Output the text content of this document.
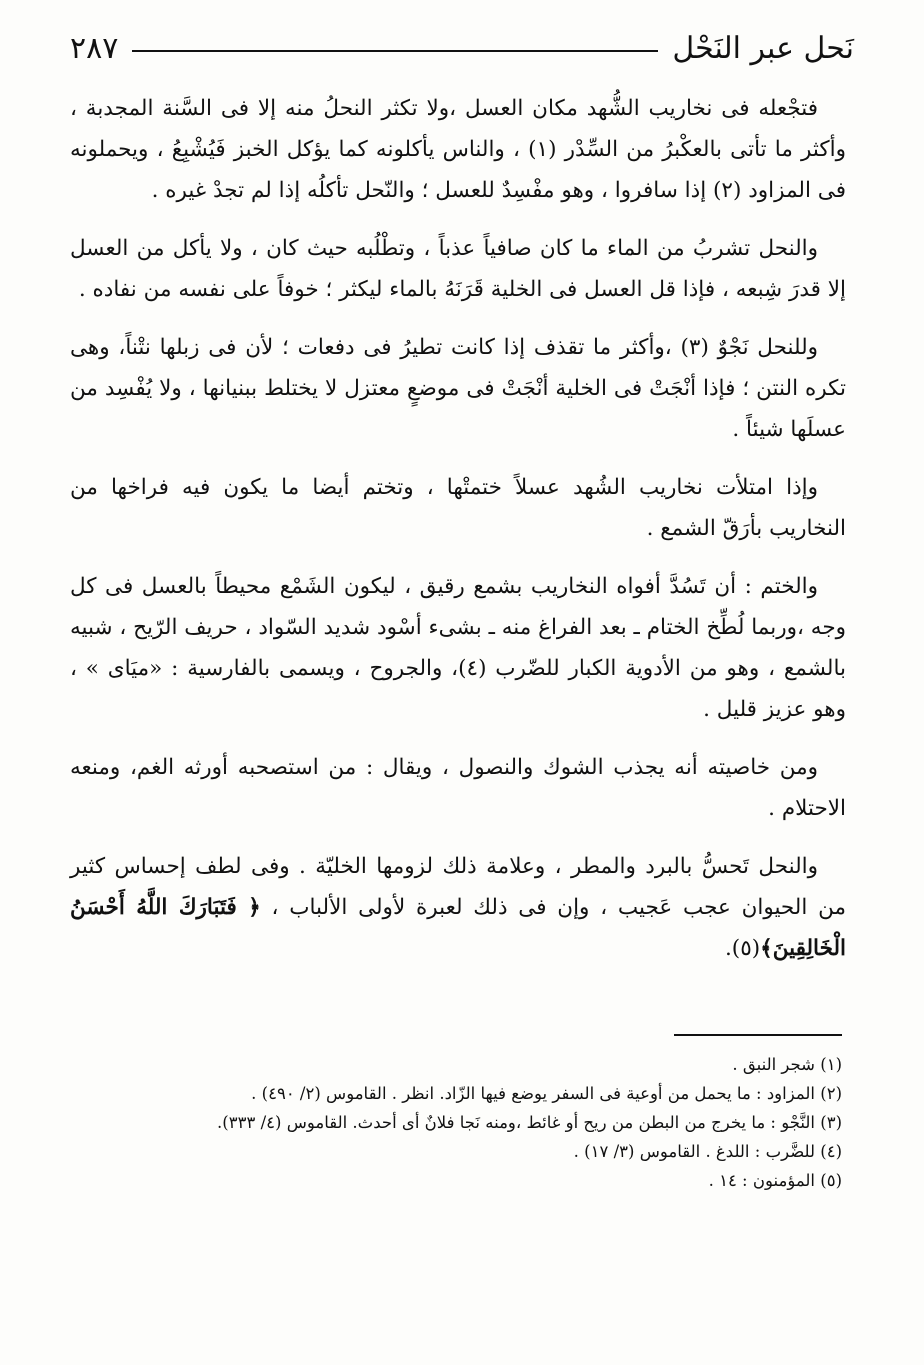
نَحل عبر النَحْل
٢٨٧

فتجْعله فى نخاريب الشُّهد مكان العسل ،ولا تكثر النحلُ منه إلا فى السَّنة المجدبة ، وأكثر ما تأتى بالعكْبرُ من السِّدْر (١) ، والناس يأكلونه كما يؤكل الخبز فَيُشْبِعُ ، ويحملونه فى المزاود (٢) إذا سافروا ، وهو مفْسِدٌ للعسل ؛ والنّحل تأكلُه إذا لم تجدْ غيره .

والنحل تشربُ من الماء ما كان صافياً عذباً ، وتطْلُبه حيث كان ، ولا يأكل من العسل إلا قدرَ شِبعه ، فإذا قل العسل فى الخلية قَرَنَهُ بالماء ليكثر ؛ خوفاً على نفسه من نفاده .

وللنحل نَجْوٌ (٣) ،وأكثر ما تقذف إذا كانت تطيرُ فى دفعات ؛ لأن فى زبلها نتْناً، وهى تكره النتن ؛ فإذا أنْجَتْ فى الخلية أنْجَتْ فى موضعٍ معتزل لا يختلط ببنيانها ، ولا يُفْسِد من عسلَها شيئاً .

وإذا امتلأت نخاريب الشُهد عسلاً ختمتْها ، وتختم أيضا ما يكون فيه فراخها من النخاريب بأرَقّ الشمع .

والختم : أن تَسُدَّ أفواه النخاريب بشمع رقيق ، ليكون الشَمْع محيطاً بالعسل فى كل وجه ،وربما لُطِّخ الختام ـ بعد الفراغ منه ـ بشىء أسْود شديد السّواد ، حريف الرّيح ، شبيه بالشمع ، وهو من الأدوية الكبار للضّرب (٤)، والجروح ، ويسمى بالفارسية : «ميَاى » ، وهو عزيز قليل .

ومن خاصيته أنه يجذب الشوك والنصول ، ويقال : من استصحبه أورثه الغم، ومنعه الاحتلام .

والنحل تَحسُّ بالبرد والمطر ، وعلامة ذلك لزومها الخليّة . وفى لطف إحساس كثير من الحيوان عجب عَجيب ، وإن فى ذلك لعبرة لأولى الألباب ، ﴿ فَتَبَارَكَ اللَّهُ أَحْسَنُ الْخَالِقِينَ﴾(٥).

(١) شجر النبق .
(٢) المزاود : ما يحمل من أوعية فى السفر يوضع فيها الزّاد. انظر . القاموس (٢/ ٤٩٠) .
(٣) النَّجْو : ما يخرج من البطن من ريح أو غائط ،ومنه نَجا فلانٌ أى أحدث. القاموس (٤/ ٣٣٣).
(٤) للضَّرب : اللدغ . القاموس (٣/ ١٧) .
(٥) المؤمنون : ١٤ .
